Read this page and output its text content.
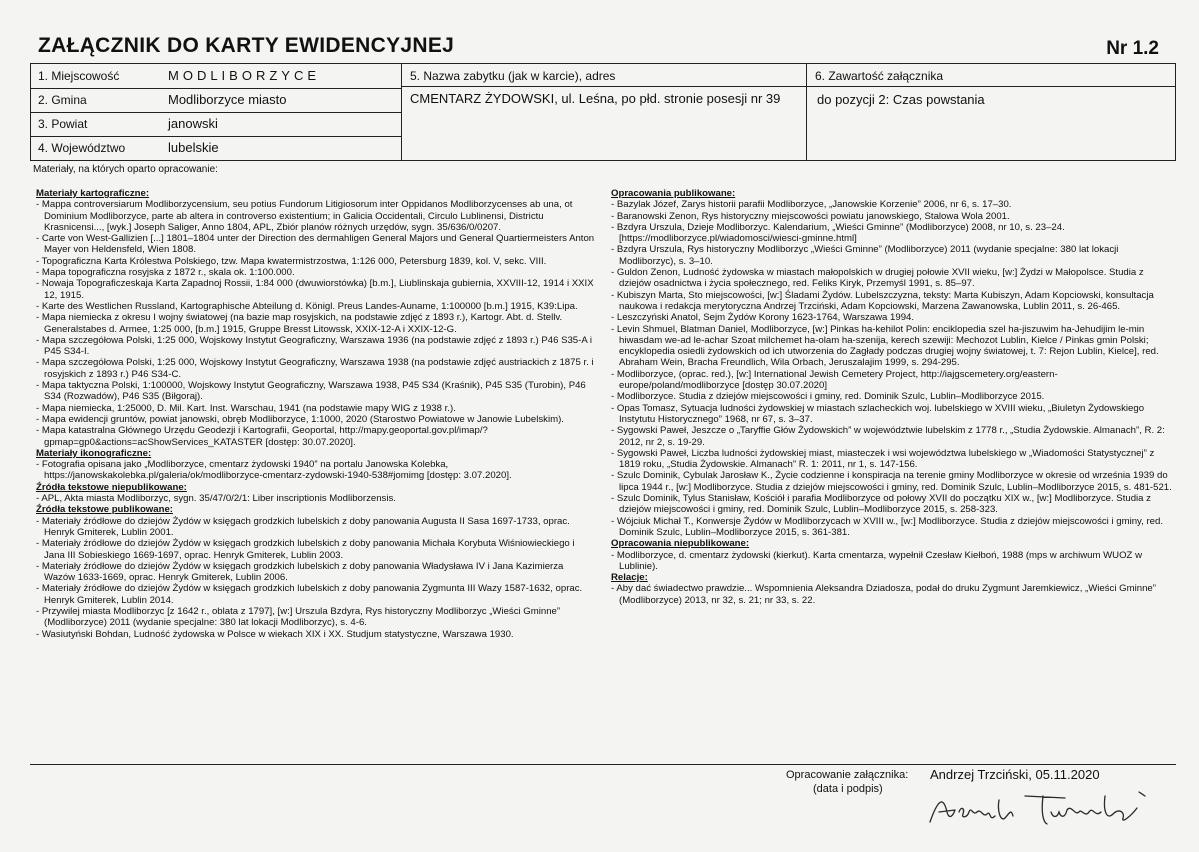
ZAŁĄCZNIK DO KARTY EWIDENCYJNEJ	Nr 1.2
1. Miejscowość	MODLIBORZYCE
2. Gmina	Modliborzyce miasto
3. Powiat	janowski
4. Województwo	lubelskie
5. Nazwa zabytku (jak w karcie), adres
CMENTARZ ŻYDOWSKI, ul. Leśna, po płd. stronie posesji nr 39
6. Zawartość załącznika
do pozycji 2: Czas powstania
Materiały, na których oparto opracowanie:
Materiały kartograficzne:
- Mappa controversiarum Modliborzycensium, seu potius Fundorum Litigiosorum inter Oppidanos Modliborzycenses ab una, ot Dominium Modliborzyce, parte ab altera in controverso existentium; in Galicia Occidentali, Circulo Lublinensi, Districtu Krasnicensi..., [wyk.] Joseph Saliger, Anno 1804, APL, Zbiór planów różnych urzędów, sygn. 35/636/0/0207.
- Carte von West-Gallizien [...] 1801–1804 unter der Direction des dermahligen General Majors und General Quartiermeisters Anton Mayer von Heldensfeld, Wien 1808.
- Topograficzna Karta Królestwa Polskiego, tzw. Mapa kwatermistrzostwa, 1:126 000, Petersburg 1839, kol. V, sekc. VIII.
- Mapa topograficzna rosyjska z 1872 r., skala ok. 1:100.000.
- Nowaja Topograficzeskaja Karta Zapadnoj Rossii, 1:84 000 (dwuwiorstówka) [b.m.], Liublinskaja gubiernia, XXVIII-12, 1914 i XXIX 12, 1915.
- Karte des Westlichen Russland, Kartographische Abteilung d. Königl. Preus Landes-Auname, 1:100000 [b.m.] 1915, K39:Lipa.
- Mapa niemiecka z okresu I wojny światowej (na bazie map rosyjskich, na podstawie zdjęć z 1893 r.), Kartogr. Abt. d. Stellv. Generalstabes d. Armee, 1:25 000, [b.m.] 1915, Gruppe Bresst Litowssk, XXIX-12-A i XXIX-12-G.
- Mapa szczegółowa Polski, 1:25 000, Wojskowy Instytut Geograficzny, Warszawa 1936 (na podstawie zdjęć z 1893 r.) P46 S35-A i P45 S34-I.
- Mapa szczegółowa Polski, 1:25 000, Wojskowy Instytut Geograficzny, Warszawa 1938 (na podstawie zdjęć austriackich z 1875 r. i rosyjskich z 1893 r.) P46 S34-C.
- Mapa taktyczna Polski, 1:100000, Wojskowy Instytut Geograficzny, Warszawa 1938, P45 S34 (Kraśnik), P45 S35 (Turobin), P46 S34 (Rozwadów), P46 S35 (Biłgoraj).
- Mapa niemiecka, 1:25000, D. Mil. Kart. Inst. Warschau, 1941 (na podstawie mapy WIG z 1938 r.).
- Mapa ewidencji gruntów, powiat janowski, obręb Modliborzyce, 1:1000, 2020 (Starostwo Powiatowe w Janowie Lubelskim).
- Mapa katastralna Głównego Urzędu Geodezji i Kartografii, Geoportal, http://mapy.geoportal.gov.pl/imap/?gpmap=gp0&actions=acShowServices_KATASTER [dostęp: 30.07.2020].
Materiały ikonograficzne:
- Fotografia opisana jako „Modliborzyce, cmentarz żydowski 1940” na portalu Janowska Kolebka, https://janowskakolebka.pl/galeria/ok/modliborzyce-cmentarz-zydowski-1940-538#jomimg [dostęp: 3.07.2020].
Źródła tekstowe niepublikowane:
- APL, Akta miasta Modliborzyc, sygn. 35/47/0/2/1: Liber inscriptionis Modliborzensis.
Źródła tekstowe publikowane:
- Materiały źródłowe do dziejów Żydów w księgach grodzkich lubelskich z doby panowania Augusta II Sasa 1697-1733, oprac. Henryk Gmiterek, Lublin 2001.
- Materiały źródłowe do dziejów Żydów w księgach grodzkich lubelskich z doby panowania Michała Korybuta Wiśniowieckiego i Jana III Sobieskiego 1669-1697, oprac. Henryk Gmiterek, Lublin 2003.
- Materiały źródłowe do dziejów Żydów w księgach grodzkich lubelskich z doby panowania Władysława IV i Jana Kazimierza Wazów 1633-1669, oprac. Henryk Gmiterek, Lublin 2006.
- Materiały źródłowe do dziejów Żydów w księgach grodzkich lubelskich z doby panowania Zygmunta III Wazy 1587-1632, oprac. Henryk Gmiterek, Lublin 2014.
- Przywilej miasta Modliborzyc [z 1642 r., oblata z 1797], [w:] Urszula Bzdyra, Rys historyczny Modliborzyc „Wieści Gminne” (Modliborzyce) 2011 (wydanie specjalne: 380 lat lokacji Modliborzyc), s. 4-6.
- Wasiutyński Bohdan, Ludność żydowska w Polsce w wiekach XIX i XX. Studjum statystyczne, Warszawa 1930.
Opracowania publikowane:
- Bazylak Józef, Zarys historii parafii Modliborzyce, „Janowskie Korzenie” 2006, nr 6, s. 17–30.
- Baranowski Zenon, Rys historyczny miejscowości powiatu janowskiego, Stalowa Wola 2001.
- Bzdyra Urszula, Dzieje Modliborzyc. Kalendarium, „Wieści Gminne” (Modliborzyce) 2008, nr 10, s. 23–24. [https://modliborzyce.pl/wiadomosci/wiesci-gminne.html]
- Bzdyra Urszula, Rys historyczny Modliborzyc „Wieści Gminne” (Modliborzyce) 2011 (wydanie specjalne: 380 lat lokacji Modliborzyc), s. 3–10.
- Guldon Zenon, Ludność żydowska w miastach małopolskich w drugiej połowie XVII wieku, [w:] Żydzi w Małopolsce. Studia z dziejów osadnictwa i życia społecznego, red. Feliks Kiryk, Przemyśl 1991, s. 85–97.
- Kubiszyn Marta, Sto miejscowości, [w:] Śladami Żydów. Lubelszczyzna, teksty: Marta Kubiszyn, Adam Kopciowski, konsultacja naukowa i redakcja merytoryczna Andrzej Trzciński, Adam Kopciowski, Marzena Zawanowska, Lublin 2011, s. 26-465.
- Leszczyński Anatol, Sejm Żydów Korony 1623-1764, Warszawa 1994.
- Levin Shmuel, Blatman Daniel, Modliborzyce, [w:] Pinkas ha-kehilot Polin: enciklopedia szel ha-jiszuwim ha-Jehudijim le-min hiwasdam we-ad le-achar Szoat milchemet ha-olam ha-szenija, kerech szewiji: Mechozot Lublin, Kielce / Pinkas gmin Polski; encyklopedia osiedli żydowskich od ich utworzenia do Zagłady podczas drugiej wojny światowej, t. 7: Rejon Lublin, Kielce], red. Abraham Wein, Bracha Freundlich, Wila Orbach, Jeruszalajim 1999, s. 294-295.
- Modliborzyce, (oprac. red.), [w:] International Jewish Cemetery Project, http://iajgscemetery.org/eastern-europe/poland/modliborzyce [dostęp 30.07.2020]
- Modliborzyce. Studia z dziejów miejscowości i gminy, red. Dominik Szulc, Lublin–Modliborzyce 2015.
- Opas Tomasz, Sytuacja ludności żydowskiej w miastach szlacheckich woj. lubelskiego w XVIII wieku, „Biuletyn Żydowskiego Instytutu Historycznego” 1968, nr 67, s. 3–37.
- Sygowski Paweł, Jeszcze o „Taryffie Głów Żydowskich” w województwie lubelskim z 1778 r., „Studia Żydowskie. Almanach”, R. 2: 2012, nr 2, s. 19-29.
- Sygowski Paweł, Liczba ludności żydowskiej miast, miasteczek i wsi województwa lubelskiego w „Wiadomości Statystycznej” z 1819 roku, „Studia Żydowskie. Almanach” R. 1: 2011, nr 1, s. 147-156.
- Szulc Dominik, Cybulak Jarosław K., Życie codzienne i konspiracja na terenie gminy Modliborzyce w okresie od września 1939 do lipca 1944 r., [w:] Modliborzyce. Studia z dziejów miejscowości i gminy, red. Dominik Szulc, Lublin–Modliborzyce 2015, s. 481-521.
- Szulc Dominik, Tylus Stanisław, Kościół i parafia Modliborzyce od połowy XVII do początku XIX w., [w:] Modliborzyce. Studia z dziejów miejscowości i gminy, red. Dominik Szulc, Lublin–Modliborzyce 2015, s. 258-323.
- Wójciuk Michał T., Konwersje Żydów w Modliborzycach w XVIII w., [w:] Modliborzyce. Studia z dziejów miejscowości i gminy, red. Dominik Szulc, Lublin–Modliborzyce 2015, s. 361-381.
Opracowania niepublikowane:
- Modliborzyce, d. cmentarz żydowski (kierkut). Karta cmentarza, wypełnił Czesław Kiełboń, 1988 (mps w archiwum WUOZ w Lublinie).
Relacje:
- Aby dać świadectwo prawdzie... Wspomnienia Aleksandra Dziadosza, podał do druku Zygmunt Jaremkiewicz, „Wieści Gminne” (Modliborzyce) 2013, nr 32, s. 21; nr 33, s. 22.
Opracowanie załącznika:
(data i podpis)
Andrzej Trzciński, 05.11.2020
